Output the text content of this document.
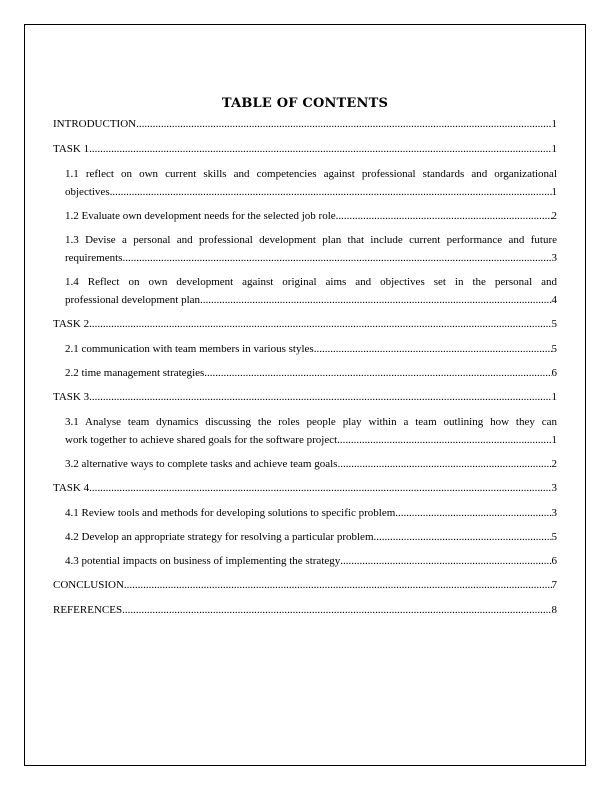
TABLE OF CONTENTS
INTRODUCTION .....	1
TASK 1 .....	1
1.1 reflect on own current skills and competencies against professional standards and organizational
objectives .....	1
1.2 Evaluate own development needs for the selected job role .....	2
1.3 Devise a personal and professional development plan that include current performance and future
requirements .....	3
1.4 Reflect on own development against original aims and objectives set in the personal and
professional development plan .....	4
TASK 2 .....	5
2.1 communication with team members in various styles .....	5
2.2 time management strategies .....	6
TASK 3 .....	1
3.1 Analyse team dynamics discussing the roles people play within a team outlining how they can
work together to achieve shared goals for the software project .....	1
3.2 alternative ways to complete tasks and achieve team goals .....	2
TASK 4 .....	3
4.1 Review tools and methods for developing solutions to specific problem .....	3
4.2 Develop an appropriate strategy for resolving a particular problem .....	5
4.3 potential impacts on business of implementing the strategy .....	6
CONCLUSION .....	7
REFERENCES .....	8
